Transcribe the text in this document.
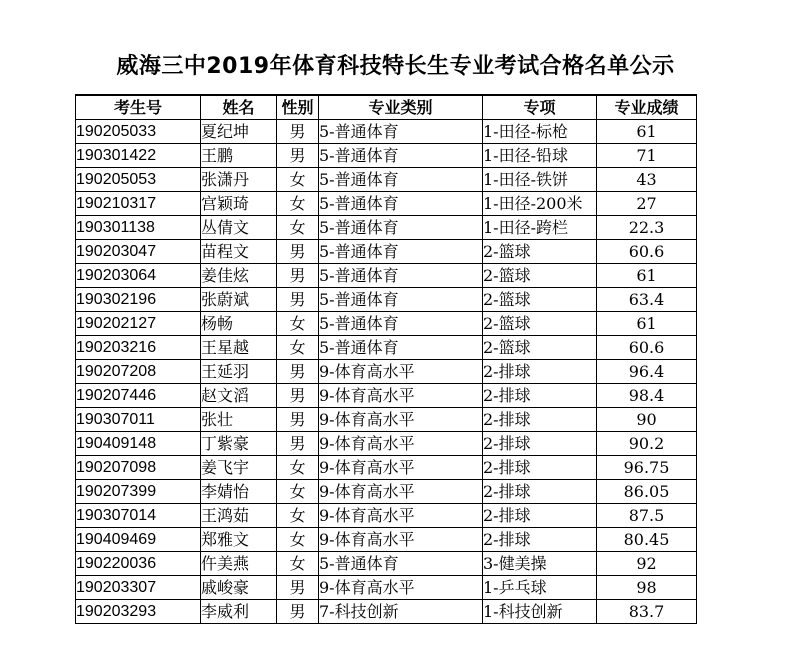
威海三中2019年体育科技特长生专业考试合格名单公示
考生号	姓名	性别	专业类别	专项	专业成绩
190205033	夏纪坤	男	5-普通体育	1-田径-标枪	61
190301422	王鹏	男	5-普通体育	1-田径-铅球	71
190205053	张潇丹	女	5-普通体育	1-田径-铁饼	43
190210317	宫颖琦	女	5-普通体育	1-田径-200米	27
190301138	丛倩文	女	5-普通体育	1-田径-跨栏	22.3
190203047	苗程文	男	5-普通体育	2-篮球	60.6
190203064	姜佳炫	男	5-普通体育	2-篮球	61
190302196	张蔚斌	男	5-普通体育	2-篮球	63.4
190202127	杨畅	女	5-普通体育	2-篮球	61
190203216	王星越	女	5-普通体育	2-篮球	60.6
190207208	王延羽	男	9-体育高水平	2-排球	96.4
190207446	赵文滔	男	9-体育高水平	2-排球	98.4
190307011	张壮	男	9-体育高水平	2-排球	90
190409148	丁紫豪	男	9-体育高水平	2-排球	90.2
190207098	姜飞宇	女	9-体育高水平	2-排球	96.75
190207399	李婧怡	女	9-体育高水平	2-排球	86.05
190307014	王鸿茹	女	9-体育高水平	2-排球	87.5
190409469	郑雅文	女	9-体育高水平	2-排球	80.45
190220036	仵美燕	女	5-普通体育	3-健美操	92
190203307	戚峻豪	男	9-体育高水平	1-乒乓球	98
190203293	李威利	男	7-科技创新	1-科技创新	83.7
